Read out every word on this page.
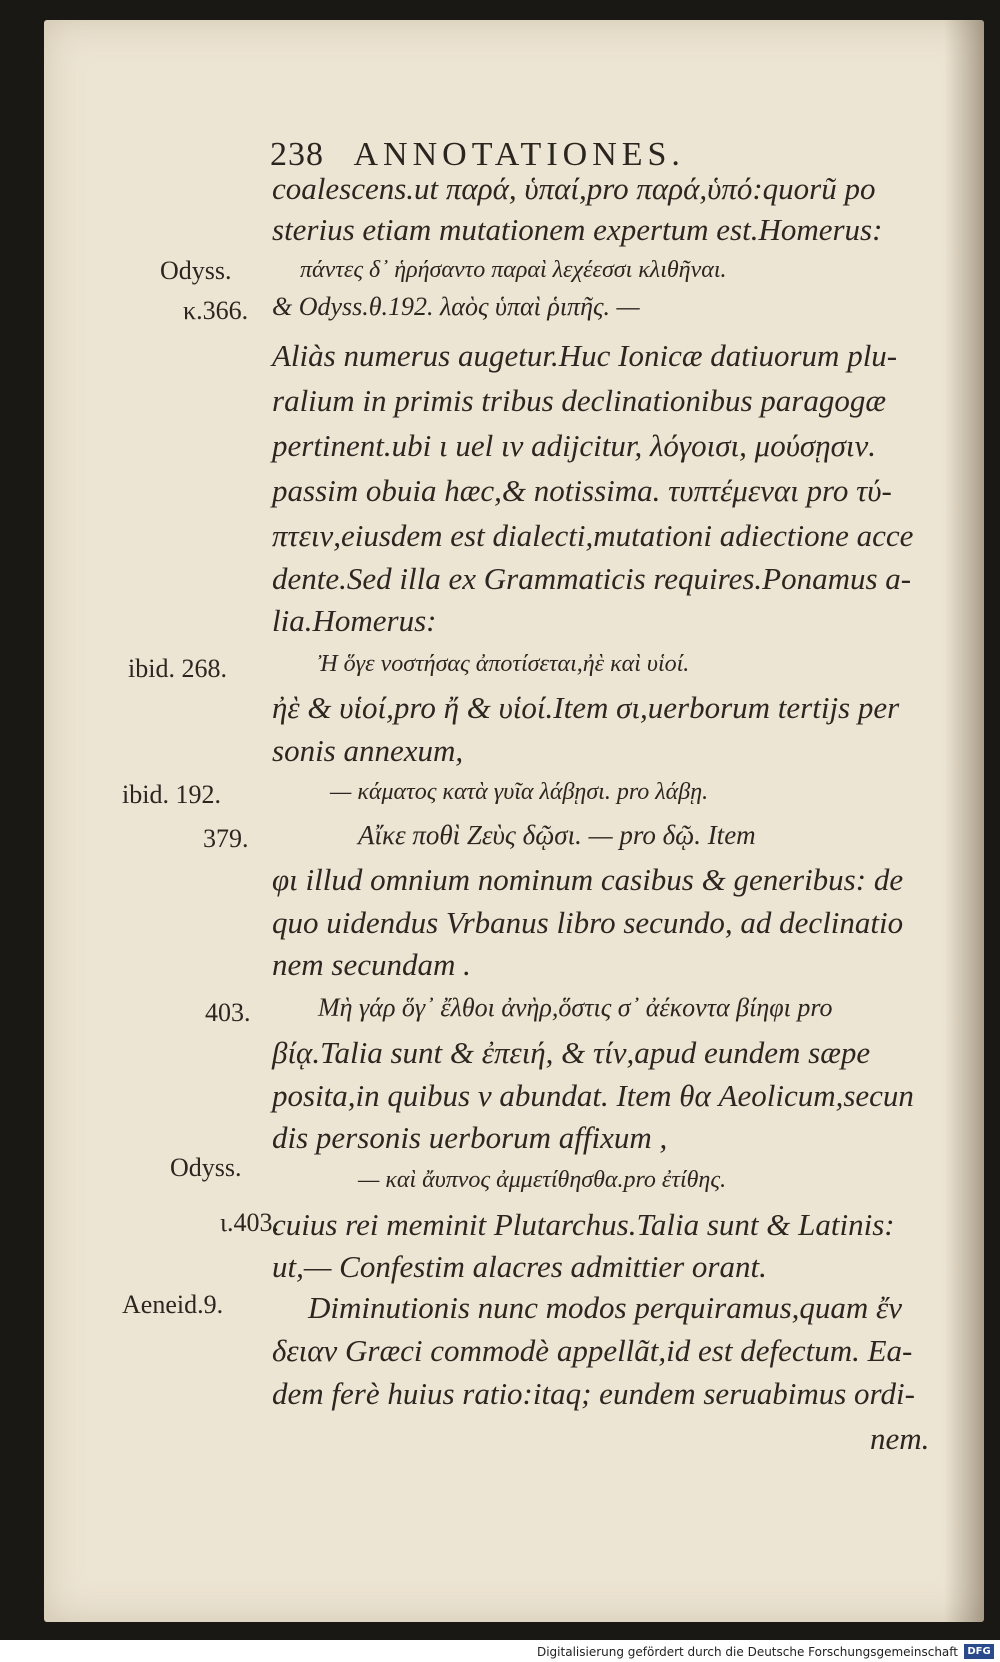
238 ANNOTATIONES.
coalescens.ut παρά, ὑπαί,pro παρά,ὑπό:quorũ po
sterius etiam mutationem expertum est.Homerus:
πάντες δ᾽ ἡρήσαντο παραὶ λεχέεσσι κλιθῆναι.
& Odyss.θ.192. λαὸς ὑπαὶ ῥιπῆς. —
Aliàs numerus augetur.Huc Ionicæ datiuorum plu-
ralium in primis tribus declinationibus paragogæ
pertinent.ubi ι uel ιν adijcitur, λόγοισι, μούσῃσιν.
passim obuia hæc,& notissima. τυπτέμεναι pro τύ-
πτειν,eiusdem est dialecti,mutationi adiectione acce
dente.Sed illa ex Grammaticis requires.Ponamus a-
lia.Homerus:
Ἠ ὅγε νοστήσας ἀποτίσεται,ἠὲ καὶ υἱοί.
ἠὲ & υἱοί,pro ἤ & υἱοί.Item σι,uerborum tertijs per
sonis annexum,
— κάματος κατὰ γυῖα λάβῃσι. pro λάβῃ.
Αἴκε ποθὶ Ζεὺς δῷσι. — pro δῷ. Item
φι illud omnium nominum casibus & generibus: de
quo uidendus Vrbanus libro secundo, ad declinatio
nem secundam .
Μὴ γάρ ὅγ᾽ ἔλθοι ἀνὴρ,ὅστις σ᾽ ἀέκοντα βίηφι pro
βίᾳ.Talia sunt & ἐπειή, & τίν,apud eundem sæpe
posita,in quibus ν abundat. Item θα Aeolicum,secun
dis personis uerborum affixum ,
— καὶ ἄυπνος ἀμμετίθησθα.pro ἐτίθης.
cuius rei meminit Plutarchus.Talia sunt & Latinis:
ut,— Confestim alacres admittier orant.
Diminutionis nunc modos perquiramus,quam ἔν
δειαν Græci commodè appellãt,id est defectum. Ea-
dem ferè huius ratio:itaq; eundem seruabimus ordi-
nem.
Odyss.
κ.366.
ibid. 268.
ibid. 192.
379.
403.
Odyss.
ι.403.
Aeneid.9.
Digitalisierung gefördert durch die Deutsche Forschungsgemeinschaft DFG
